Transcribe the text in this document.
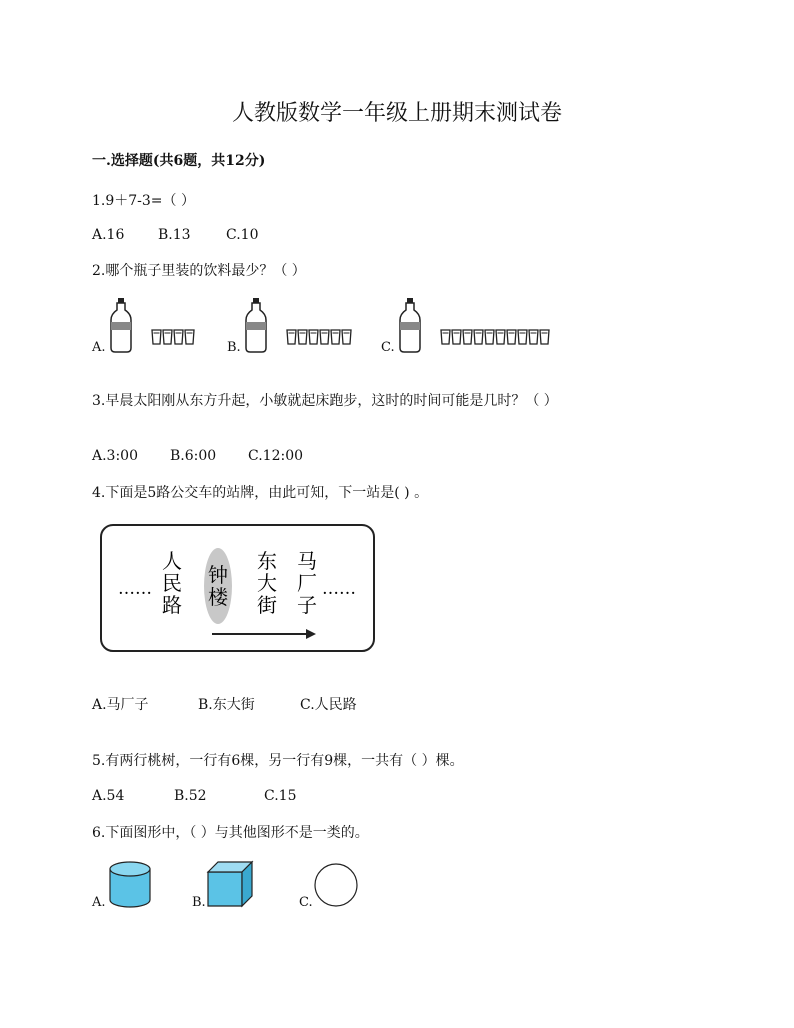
人教版数学一年级上册期末测试卷
一.选择题(共6题，共12分)
1.9＋7-3=（ ）
A.16 B.13	C.10
2.哪个瓶子里装的饮料最少？（ ）
A.	B.	C.
3.早晨太阳刚从东方升起，小敏就起床跑步，这时的时间可能是几时？（ ）
A.3:00 B.6:00 C.12:00
4.下面是5路公交车的站牌，由此可知，下一站是( ) 。
……	……
人
民
路
钟
楼
东
大
街
马
厂
子
A.马厂子	B.东大街	C.人民路
5.有两行桃树，一行有6棵，另一行有9棵，一共有（ ）棵。
A.54	B.52	C.15
6.下面图形中，（ ）与其他图形不是一类的。
A.	B.	C.
